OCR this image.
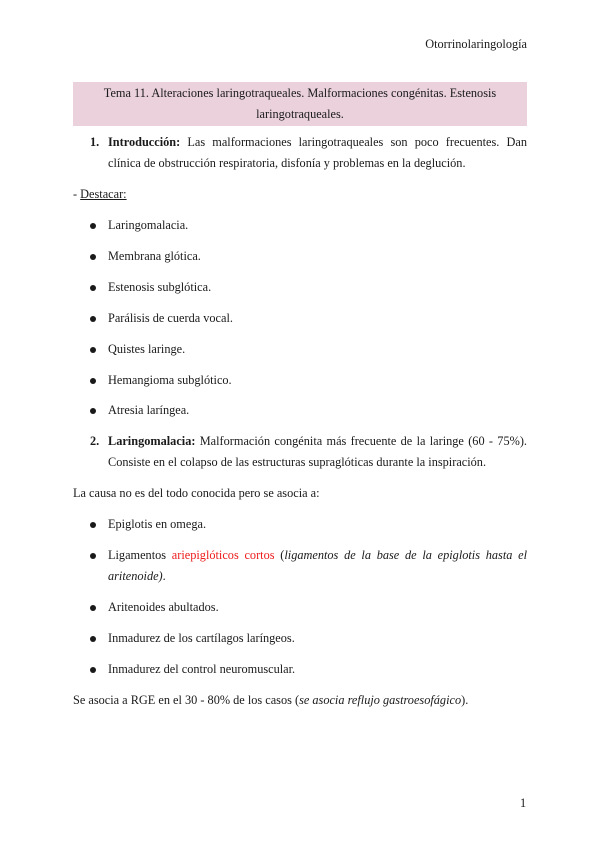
Otorrinolaringología
Tema 11. Alteraciones laringotraqueales. Malformaciones congénitas. Estenosis laringotraqueales.
1. Introducción: Las malformaciones laringotraqueales son poco frecuentes. Dan clínica de obstrucción respiratoria, disfonía y problemas en la deglución.
- Destacar:
Laringomalacia.
Membrana glótica.
Estenosis subglótica.
Parálisis de cuerda vocal.
Quistes laringe.
Hemangioma subglótico.
Atresia laríngea.
2. Laringomalacia: Malformación congénita más frecuente de la laringe (60 - 75%). Consiste en el colapso de las estructuras supraglóticas durante la inspiración.
La causa no es del todo conocida pero se asocia a:
Epiglotis en omega.
Ligamentos ariepiglóticos cortos (ligamentos de la base de la epiglotis hasta el aritenoide).
Aritenoides abultados.
Inmadurez de los cartílagos laríngeos.
Inmadurez del control neuromuscular.
Se asocia a RGE en el 30 - 80% de los casos (se asocia reflujo gastroesofágico).
1
